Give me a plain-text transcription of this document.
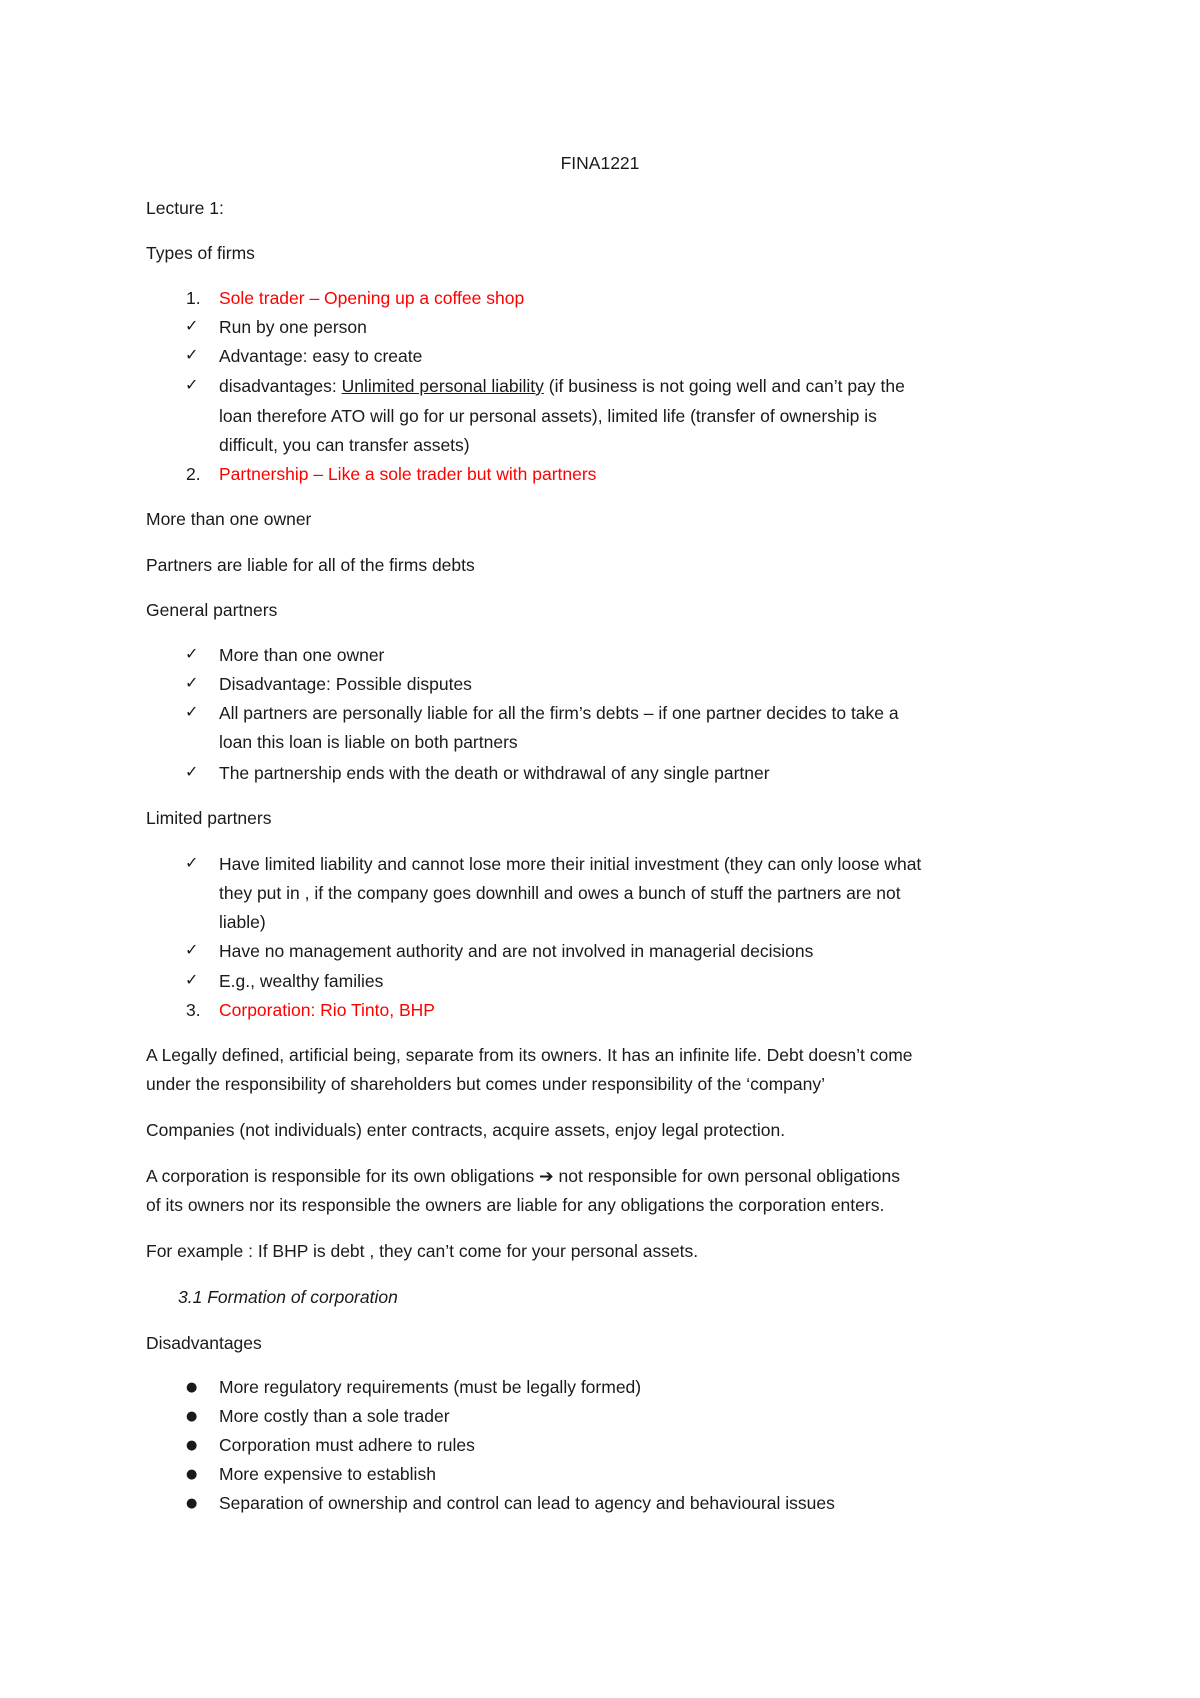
FINA1221
Lecture 1:
Types of firms
1. Sole trader – Opening up a coffee shop
✓ Run by one person
✓ Advantage: easy to create
✓ disadvantages: Unlimited personal liability (if business is not going well and can’t pay the
loan therefore ATO will go for ur personal assets), limited life (transfer of ownership is
difficult, you can transfer assets)
2. Partnership – Like a sole trader but with partners
More than one owner
Partners are liable for all of the firms debts
General partners
✓ More than one owner
✓ Disadvantage: Possible disputes
✓ All partners are personally liable for all the firm’s debts – if one partner decides to take a
loan this loan is liable on both partners
✓ The partnership ends with the death or withdrawal of any single partner
Limited partners
✓ Have limited liability and cannot lose more their initial investment (they can only loose what
they put in , if the company goes downhill and owes a bunch of stuff the partners are not
liable)
✓ Have no management authority and are not involved in managerial decisions
✓ E.g., wealthy families
3. Corporation: Rio Tinto, BHP
A Legally defined, artificial being, separate from its owners. It has an infinite life. Debt doesn’t come
under the responsibility of shareholders but comes under responsibility of the ‘company’
Companies (not individuals) enter contracts, acquire assets, enjoy legal protection.
A corporation is responsible for its own obligations ➔ not responsible for own personal obligations
of its owners nor its responsible the owners are liable for any obligations the corporation enters.
For example : If BHP is debt , they can’t come for your personal assets.
3.1 Formation of corporation
Disadvantages
● More regulatory requirements (must be legally formed)
● More costly than a sole trader
● Corporation must adhere to rules
● More expensive to establish
● Separation of ownership and control can lead to agency and behavioural issues
